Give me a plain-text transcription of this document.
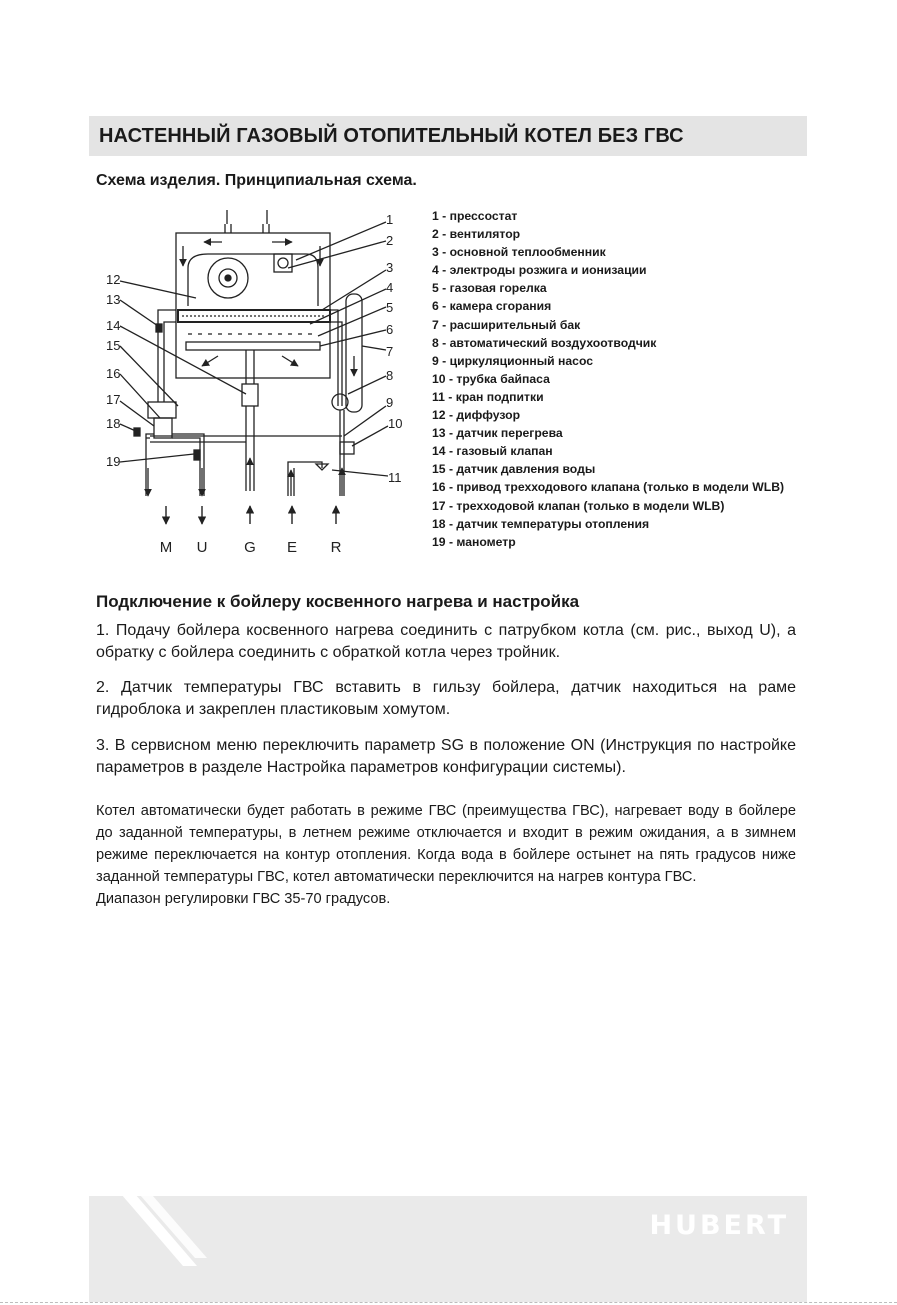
НАСТЕННЫЙ ГАЗОВЫЙ ОТОПИТЕЛЬНЫЙ КОТЕЛ БЕЗ ГВС

Схема изделия. Принципиальная схема.

1
2
3
4
5
6
7
8
9
10
11
12
13
14
15
16
17
18
19
M U G E R
1 - прессостат
2 - вентилятор
3 - основной теплообменник
4 - электроды розжига и ионизации
5 - газовая горелка
6 - камера сгорания
7 - расширительный бак
8 - автоматический воздухоотводчик
9 - циркуляционный насос
10 - трубка байпаса
11 - кран подпитки
12 - диффузор
13 - датчик перегрева
14 - газовый клапан
15 - датчик давления воды
16 - привод трехходового клапана (только в модели WLB)
17 - трехходовой клапан (только в модели WLB)
18 - датчик температуры отопления
19 - манометр
Подключение к бойлеру косвенного нагрева и настройка

1. Подачу бойлера косвенного нагрева соединить с патрубком котла (см. рис., выход U), а обратку с бойлера соединить с обраткой котла через тройник.

2. Датчик температуры ГВС вставить в гильзу бойлера, датчик находиться на раме гидроблока и закреплен пластиковым хомутом.

3. В сервисном меню переключить параметр SG в положение ON (Инструкция по настройке параметров в разделе Настройка параметров конфигурации системы).

Котел автоматически будет работать в режиме ГВС (преимущества ГВС), нагревает воду в бойлере до заданной температуры, в летнем режиме отключается и входит в режим ожидания, а в зимнем режиме переключается на контур отопления. Когда вода в бойлере остынет на пять градусов ниже заданной температуры ГВС, котел автоматически переключится на нагрев контура ГВС.
Диапазон регулировки ГВС 35-70 градусов.
HUBERT
